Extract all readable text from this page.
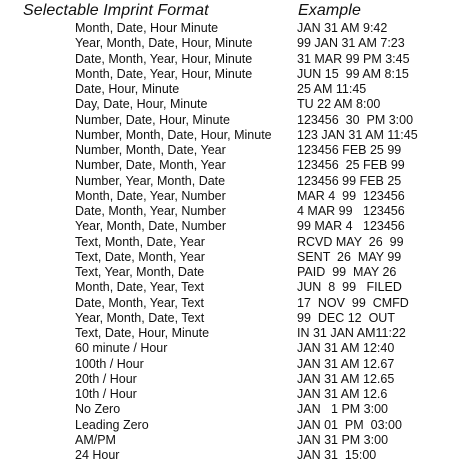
Selectable Imprint Format	Example
Month, Date, Hour Minute	JAN 31 AM 9:42
Year, Month, Date, Hour, Minute	99 JAN 31 AM 7:23
Date, Month, Year, Hour, Minute	31 MAR 99 PM 3:45
Month, Date, Year, Hour, Minute	JUN 15  99 AM 8:15
Date, Hour, Minute	25 AM 11:45
Day, Date, Hour, Minute	TU 22 AM 8:00
Number, Date, Hour, Minute	123456  30  PM 3:00
Number, Month, Date, Hour, Minute 123 JAN 31 AM 11:45
Number, Month, Date, Year	123456 FEB 25 99
Number, Date, Month, Year	123456  25 FEB 99
Number, Year, Month, Date	123456 99 FEB 25
Month, Date, Year, Number	MAR 4  99  123456
Date, Month, Year, Number	4 MAR 99   123456
Year, Month, Date, Number	99 MAR 4   123456
Text, Month, Date, Year	RCVD MAY  26  99
Text, Date, Month, Year	SENT  26  MAY 99
Text, Year, Month, Date	PAID  99  MAY 26
Month, Date, Year, Text	JUN  8  99   FILED
Date, Month, Year, Text	17  NOV  99  CMFD
Year, Month, Date, Text	99  DEC 12  OUT
Text, Date, Hour, Minute	IN 31 JAN AM11:22
60 minute / Hour	JAN 31 AM 12:40
100th / Hour	JAN 31 AM 12.67
20th / Hour	JAN 31 AM 12.65
10th / Hour	JAN 31 AM 12.6
No Zero	JAN   1 PM 3:00
Leading Zero	JAN 01  PM  03:00
AM/PM	JAN 31 PM 3:00
24 Hour	JAN 31  15:00
